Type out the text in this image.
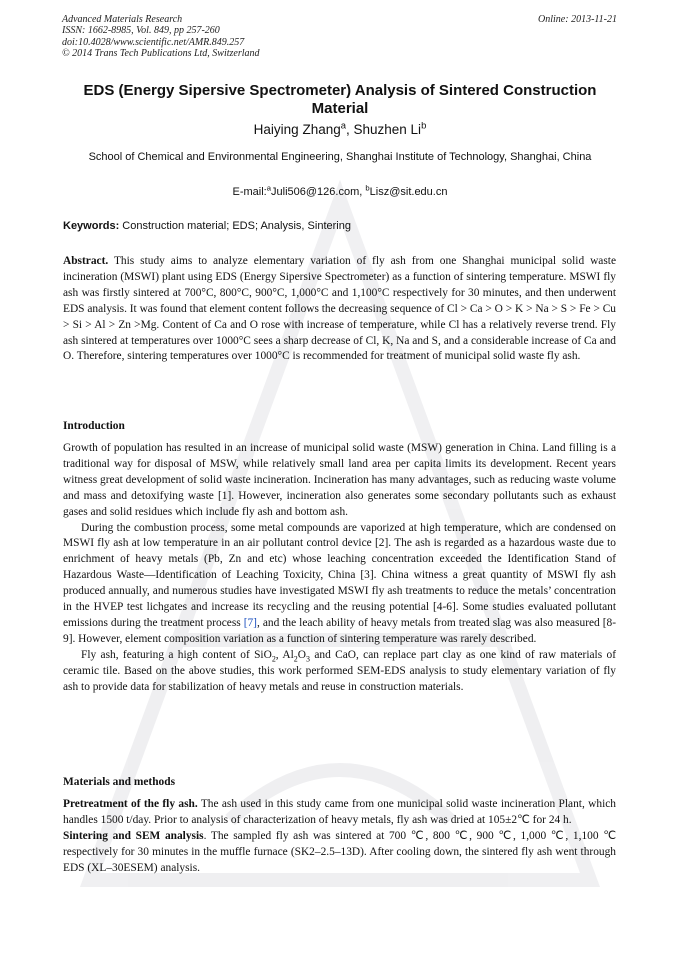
Advanced Materials Research
ISSN: 1662-8985, Vol. 849, pp 257-260
doi:10.4028/www.scientific.net/AMR.849.257
© 2014 Trans Tech Publications Ltd, Switzerland
Online: 2013-11-21
EDS (Energy Sipersive Spectrometer) Analysis of Sintered Construction Material
Haiying Zhang$^a$, Shuzhen Li$^b$
School of Chemical and Environmental Engineering, Shanghai Institute of Technology, Shanghai, China
E-mail:$^a$Juli506@126.com, $^b$Lisz@sit.edu.cn
Keywords: Construction material; EDS; Analysis, Sintering
Abstract. This study aims to analyze elementary variation of fly ash from one Shanghai municipal solid waste incineration (MSWI) plant using EDS (Energy Sipersive Spectrometer) as a function of sintering temperature. MSWI fly ash was firstly sintered at 700°C, 800°C, 900°C, 1,000°C and 1,100°C respectively for 30 minutes, and then underwent EDS analysis. It was found that element content follows the decreasing sequence of Cl > Ca > O > K > Na > S > Fe > Cu > Si > Al > Zn >Mg. Content of Ca and O rose with increase of temperature, while Cl has a relatively reverse trend. Fly ash sintered at temperatures over 1000°C sees a sharp decrease of Cl, K, Na and S, and a considerable increase of Ca and O. Therefore, sintering temperatures over 1000°C is recommended for treatment of municipal solid waste fly ash.
Introduction

Growth of population has resulted in an increase of municipal solid waste (MSW) generation in China. Land filling is a traditional way for disposal of MSW, while relatively small land area per capita limits its development. Recent years witness great development of solid waste incineration. Incineration has many advantages, such as reducing waste volume and mass and detoxifying waste [1]. However, incineration also generates some secondary pollutants such as exhaust gases and solid residues which include fly ash and bottom ash.

During the combustion process, some metal compounds are vaporized at high temperature, which are condensed on MSWI fly ash at low temperature in an air pollutant control device [2]. The ash is regarded as a hazardous waste due to enrichment of heavy metals (Pb, Zn and etc) whose leaching concentration exceeded the Identification Stand of Hazardous Waste—Identification of Leaching Toxicity, China [3]. China witness a great quantity of MSWI fly ash produced annually, and numerous studies have investigated MSWI fly ash treatments to reduce the metals’ concentration in the HVEP test lichgates and increase its recycling and the reusing potential [4-6]. Some studies evaluated pollutant emissions during the treatment process [7], and the leach ability of heavy metals from treated slag was also measured [8-9]. However, element composition variation as a function of sintering temperature was rarely described.

Fly ash, featuring a high content of SiO$_2$, $Al_2O_3$ and CaO, can replace part clay as one kind of raw materials of ceramic tile. Based on the above studies, this work performed SEM-EDS analysis to study elementary variation of fly ash to provide data for stabilization of heavy metals and reuse in construction materials.

Materials and methods

Pretreatment of the fly ash. The ash used in this study came from one municipal solid waste incineration Plant, which handles 1500 t/day. Prior to analysis of characterization of heavy metals, fly ash was dried at 105±2℃ for 24 h.

Sintering and SEM analysis. The sampled fly ash was sintered at 700 ℃, 800 ℃, 900 ℃, 1,000 ℃, 1,100 ℃ respectively for 30 minutes in the muffle furnace (SK2–2.5–13D). After cooling down, the sintered fly ash went through EDS (XL–30ESEM) analysis.
